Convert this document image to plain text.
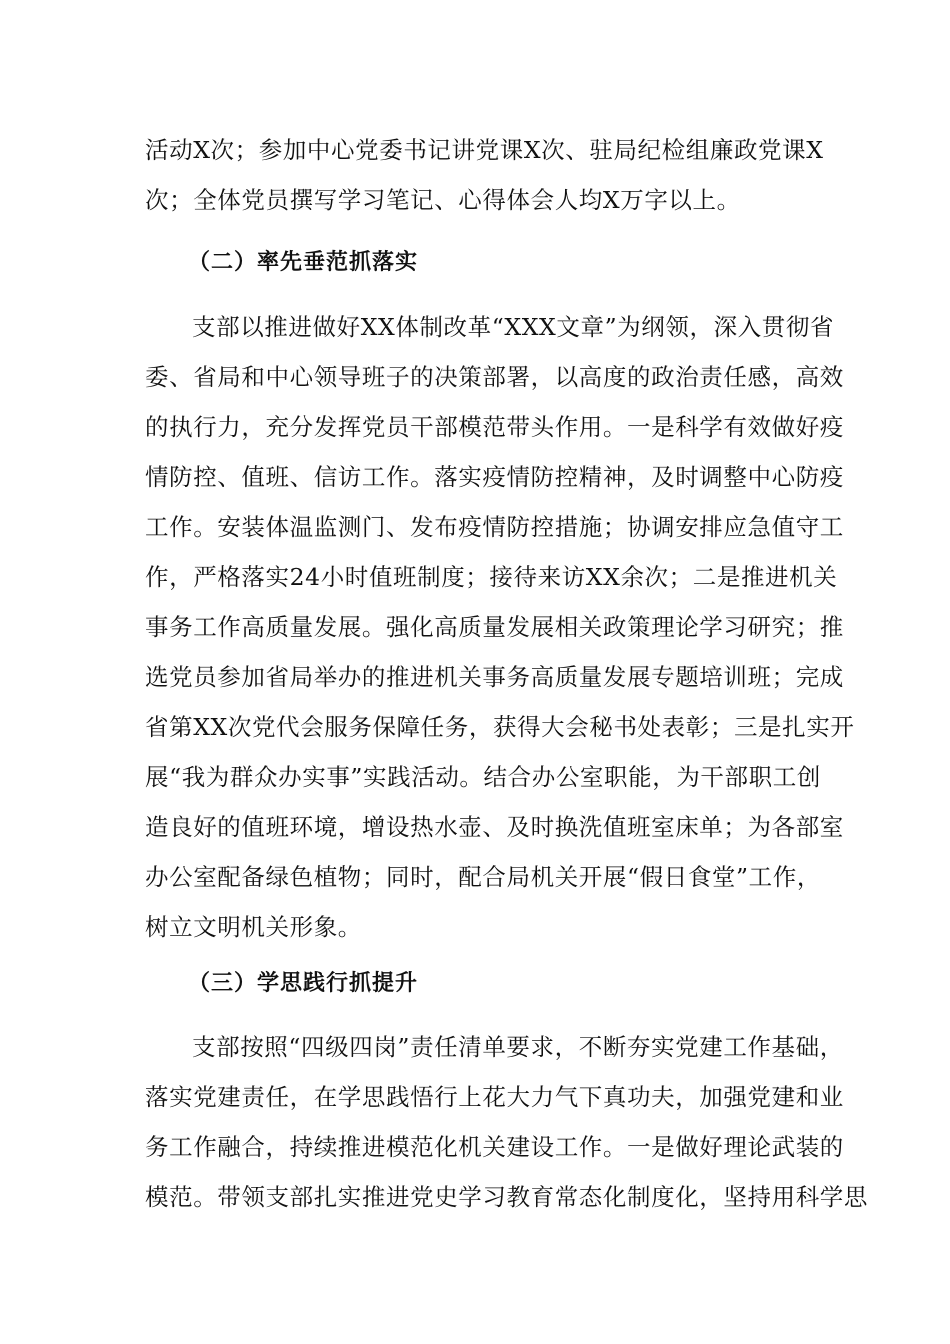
活动X次；参加中心党委书记讲党课X次、驻局纪检组廉政党课X
次；全体党员撰写学习笔记、心得体会人均X万字以上。
（二）率先垂范抓落实
支部以推进做好XX体制改革“XXX文章”为纲领，深入贯彻省
委、省局和中心领导班子的决策部署，以高度的政治责任感，高效
的执行力，充分发挥党员干部模范带头作用。一是科学有效做好疫
情防控、值班、信访工作。落实疫情防控精神，及时调整中心防疫
工作。安装体温监测门、发布疫情防控措施；协调安排应急值守工
作，严格落实24小时值班制度；接待来访XX余次；二是推进机关
事务工作高质量发展。强化高质量发展相关政策理论学习研究；推
选党员参加省局举办的推进机关事务高质量发展专题培训班；完成
省第XX次党代会服务保障任务，获得大会秘书处表彰；三是扎实开
展“我为群众办实事”实践活动。结合办公室职能，为干部职工创
造良好的值班环境，增设热水壶、及时换洗值班室床单；为各部室
办公室配备绿色植物；同时，配合局机关开展“假日食堂”工作，
树立文明机关形象。
（三）学思践行抓提升
支部按照“四级四岗”责任清单要求，不断夯实党建工作基础，
落实党建责任，在学思践悟行上花大力气下真功夫，加强党建和业
务工作融合，持续推进模范化机关建设工作。一是做好理论武装的
模范。带领支部扎实推进党史学习教育常态化制度化，坚持用科学思
